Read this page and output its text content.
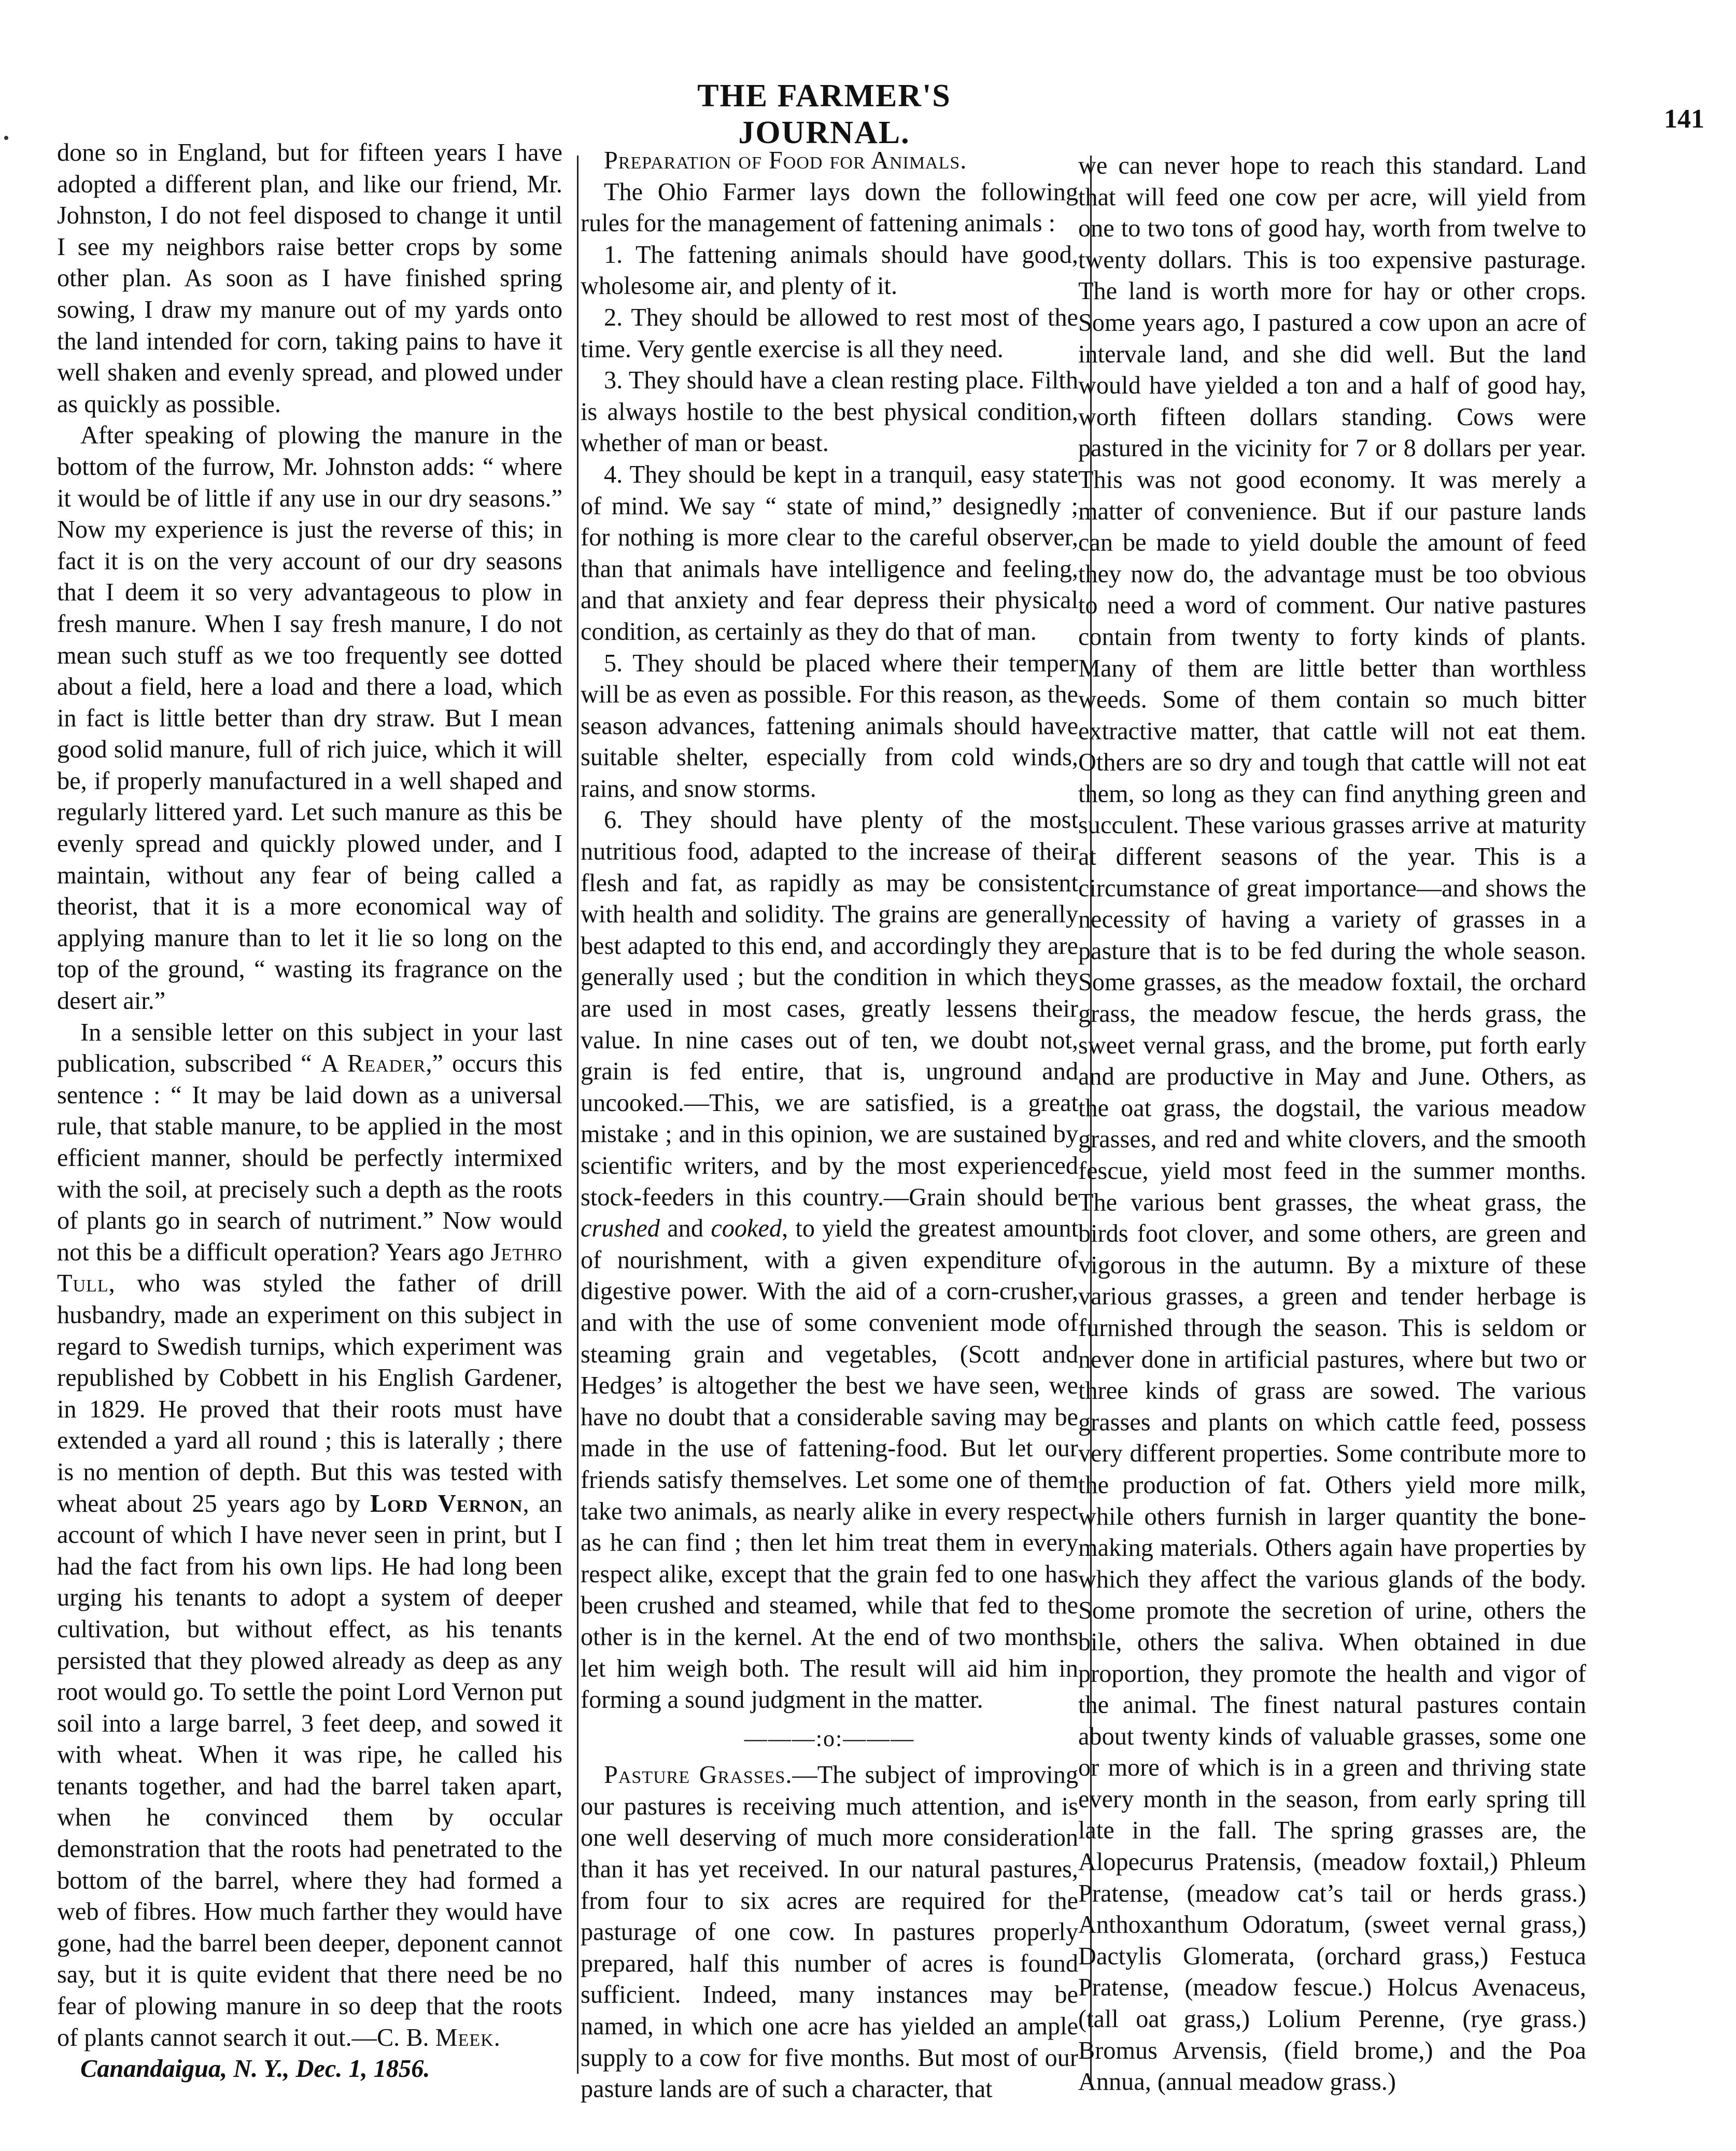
THE FARMER'S JOURNAL.	141

done so in England, but for fifteen years I have adopted a different plan, and like our friend, Mr. Johnston, I do not feel disposed to change it until I see my neighbors raise better crops by some other plan. As soon as I have finished spring sowing, I draw my manure out of my yards onto the land intended for corn, taking pains to have it well shaken and evenly spread, and plowed under as quickly as possible.

After speaking of plowing the manure in the bottom of the furrow, Mr. Johnston adds: “ where it would be of little if any use in our dry seasons.” Now my experience is just the reverse of this; in fact it is on the very account of our dry seasons that I deem it so very advantageous to plow in fresh manure. When I say fresh manure, I do not mean such stuff as we too frequently see dotted about a field, here a load and there a load, which in fact is little better than dry straw. But I mean good solid manure, full of rich juice, which it will be, if properly manufactured in a well shaped and regularly littered yard. Let such manure as this be evenly spread and quickly plowed under, and I maintain, without any fear of being called a theorist, that it is a more economical way of applying manure than to let it lie so long on the top of the ground, “ wasting its fragrance on the desert air.”

In a sensible letter on this subject in your last publication, subscribed “ A Reader,” occurs this sentence : “ It may be laid down as a universal rule, that stable manure, to be applied in the most efficient manner, should be perfectly intermixed with the soil, at precisely such a depth as the roots of plants go in search of nutriment.” Now would not this be a difficult operation? Years ago Jethro Tull, who was styled the father of drill husbandry, made an experiment on this subject in regard to Swedish turnips, which experiment was republished by Cobbett in his English Gardener, in 1829. He proved that their roots must have extended a yard all round ; this is laterally ; there is no mention of depth. But this was tested with wheat about 25 years ago by Lord Vernon, an account of which I have never seen in print, but I had the fact from his own lips. He had long been urging his tenants to adopt a system of deeper cultivation, but without effect, as his tenants persisted that they plowed already as deep as any root would go. To settle the point Lord Vernon put soil into a large barrel, 3 feet deep, and sowed it with wheat. When it was ripe, he called his tenants together, and had the barrel taken apart, when he convinced them by occular demonstration that the roots had penetrated to the bottom of the barrel, where they had formed a web of fibres. How much farther they would have gone, had the barrel been deeper, deponent cannot say, but it is quite evident that there need be no fear of plowing manure in so deep that the roots of plants cannot search it out.—C. B. Meek.

Canandaigua, N. Y., Dec. 1, 1856.

Preparation of Food for Animals.

The Ohio Farmer lays down the following rules for the management of fattening animals :

1. The fattening animals should have good, wholesome air, and plenty of it.

2. They should be allowed to rest most of the time. Very gentle exercise is all they need.

3. They should have a clean resting place. Filth is always hostile to the best physical condition, whether of man or beast.

4. They should be kept in a tranquil, easy state of mind. We say “ state of mind,” designedly ; for nothing is more clear to the careful observer, than that animals have intelligence and feeling, and that anxiety and fear depress their physical condition, as certainly as they do that of man.

5. They should be placed where their temper will be as even as possible. For this reason, as the season advances, fattening animals should have suitable shelter, especially from cold winds, rains, and snow storms.

6. They should have plenty of the most nutritious food, adapted to the increase of their flesh and fat, as rapidly as may be consistent with health and solidity. The grains are generally best adapted to this end, and accordingly they are generally used ; but the condition in which they are used in most cases, greatly lessens their value. In nine cases out of ten, we doubt not, grain is fed entire, that is, unground and uncooked.—This, we are satisfied, is a great mistake ; and in this opinion, we are sustained by scientific writers, and by the most experienced stock-feeders in this country.—Grain should be crushed and cooked, to yield the greatest amount of nourishment, with a given expenditure of digestive power. With the aid of a corn-crusher, and with the use of some convenient mode of steaming grain and vegetables, (Scott and Hedges’ is altogether the best we have seen, we have no doubt that a considerable saving may be made in the use of fattening-food. But let our friends satisfy themselves. Let some one of them take two animals, as nearly alike in every respect as he can find ; then let him treat them in every respect alike, except that the grain fed to one has been crushed and steamed, while that fed to the other is in the kernel. At the end of two months let him weigh both. The result will aid him in forming a sound judgment in the matter.

———:o:———

Pasture Grasses.—The subject of improving our pastures is receiving much attention, and is one well deserving of much more consideration than it has yet received. In our natural pastures, from four to six acres are required for the pasturage of one cow. In pastures properly prepared, half this number of acres is found sufficient. Indeed, many instances may be named, in which one acre has yielded an ample supply to a cow for five months. But most of our pasture lands are of such a character, that

we can never hope to reach this standard. Land that will feed one cow per acre, will yield from one to two tons of good hay, worth from twelve to twenty dollars. This is too expensive pasturage. The land is worth more for hay or other crops. Some years ago, I pastured a cow upon an acre of intervale land, and she did well. But the land would have yielded a ton and a half of good hay, worth fifteen dollars standing. Cows were pastured in the vicinity for 7 or 8 dollars per year. This was not good economy. It was merely a matter of convenience. But if our pasture lands can be made to yield double the amount of feed they now do, the advantage must be too obvious to need a word of comment. Our native pastures contain from twenty to forty kinds of plants. Many of them are little better than worthless weeds. Some of them contain so much bitter extractive matter, that cattle will not eat them. Others are so dry and tough that cattle will not eat them, so long as they can find anything green and succulent. These various grasses arrive at maturity at different seasons of the year. This is a circumstance of great importance—and shows the necessity of having a variety of grasses in a pasture that is to be fed during the whole season. Some grasses, as the meadow foxtail, the orchard grass, the meadow fescue, the herds grass, the sweet vernal grass, and the brome, put forth early and are productive in May and June. Others, as the oat grass, the dogstail, the various meadow grasses, and red and white clovers, and the smooth fescue, yield most feed in the summer months. The various bent grasses, the wheat grass, the birds foot clover, and some others, are green and vigorous in the autumn. By a mixture of these various grasses, a green and tender herbage is furnished through the season. This is seldom or never done in artificial pastures, where but two or three kinds of grass are sowed. The various grasses and plants on which cattle feed, possess very different properties. Some contribute more to the production of fat. Others yield more milk, while others furnish in larger quantity the bone-making materials. Others again have properties by which they affect the various glands of the body. Some promote the secretion of urine, others the bile, others the saliva. When obtained in due proportion, they promote the health and vigor of the animal. The finest natural pastures contain about twenty kinds of valuable grasses, some one or more of which is in a green and thriving state every month in the season, from early spring till late in the fall. The spring grasses are, the Alopecurus Pratensis, (meadow foxtail,) Phleum Pratense, (meadow cat’s tail or herds grass.) Anthoxanthum Odoratum, (sweet vernal grass,) Dactylis Glomerata, (orchard grass,) Festuca Pratense, (meadow fescue.) Holcus Avenaceus, (tall oat grass,) Lolium Perenne, (rye grass.) Bromus Arvensis, (field brome,) and the Poa Annua, (annual meadow grass.)
